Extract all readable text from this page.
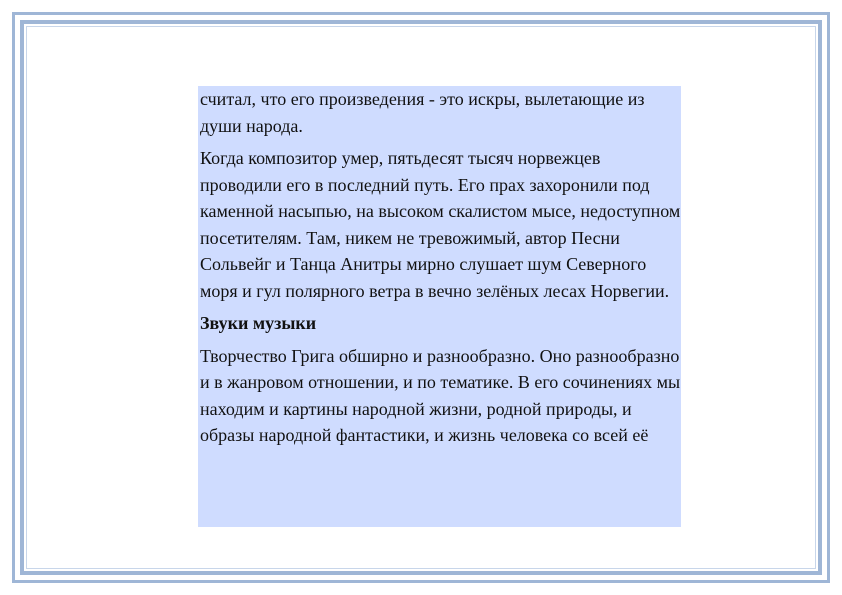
считал, что его произведения - это искры, вылетающие из души народа.

Когда композитор умер, пятьдесят тысяч норвежцев проводили его в последний путь. Его прах захоронили под каменной насыпью, на высоком скалистом мысе, недоступном посетителям. Там, никем не тревожимый, автор Песни Сольвейг и Танца Анитры мирно слушает шум Северного моря и гул полярного ветра в вечно зелёных лесах Норвегии.

Звуки музыки

Творчество Грига обширно и разнообразно. Оно разнообразно и в жанровом отношении, и по тематике. В его сочинениях мы находим и картины народной жизни, родной природы, и образы народной фантастики, и жизнь человека со всей её
